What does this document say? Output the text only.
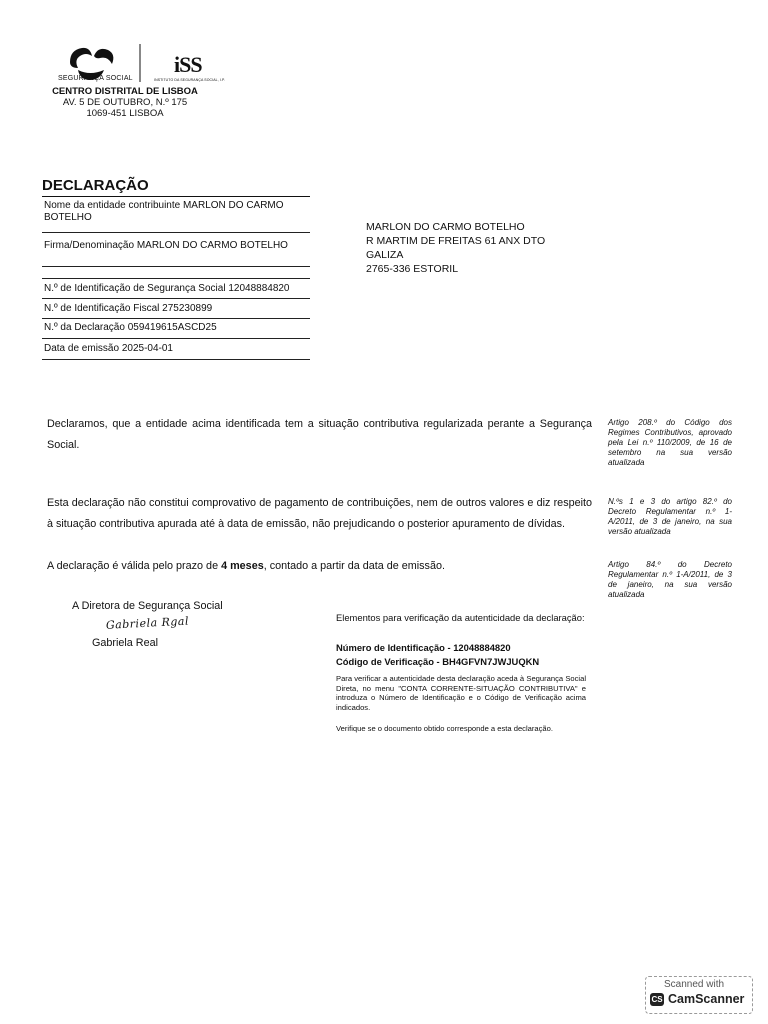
SEGURANÇA SOCIAL
iSS
INSTITUTO DA SEGURANÇA SOCIAL, I.P.
CENTRO DISTRITAL DE LISBOA
AV. 5 DE OUTUBRO, N.º 175
1069-451 LISBOA
DECLARAÇÃO
Nome da entidade contribuinte MARLON DO CARMO BOTELHO
Firma/Denominação MARLON DO CARMO BOTELHO
N.º de Identificação de Segurança Social 12048884820
N.º de Identificação Fiscal 275230899
N.º da Declaração 059419615ASCD25
Data de emissão 2025-04-01
MARLON DO CARMO BOTELHO
R MARTIM DE FREITAS 61 ANX DTO
GALIZA
2765-336 ESTORIL
Declaramos, que a entidade acima identificada tem a situação contributiva regularizada perante a Segurança Social.
Esta declaração não constitui comprovativo de pagamento de contribuições, nem de outros valores e diz respeito à situação contributiva apurada até à data de emissão, não prejudicando o posterior apuramento de dívidas.
A declaração é válida pelo prazo de 4 meses, contado a partir da data de emissão.
Artigo 208.º do Código dos Regimes Contributivos, aprovado pela Lei n.º 110/2009, de 16 de setembro na sua versão atualizada
N.ºs 1 e 3 do artigo 82.º do Decreto Regulamentar n.º 1-A/2011, de 3 de janeiro, na sua versão atualizada
Artigo 84.º do Decreto Regulamentar n.º 1-A/2011, de 3 de janeiro, na sua versão atualizada
A Diretora de Segurança Social
Gabriela Rgal
Gabriela Real
Elementos para verificação da autenticidade da declaração:
Número de Identificação - 12048884820
Código de Verificação - BH4GFVN7JWJUQKN
Para verificar a autenticidade desta declaração aceda à Segurança Social Direta, no menu "CONTA CORRENTE-SITUAÇÃO CONTRIBUTIVA" e introduza o Número de Identificação e o Código de Verificação acima indicados.
Verifique se o documento obtido corresponde a esta declaração.
Scanned with
CS CamScanner
